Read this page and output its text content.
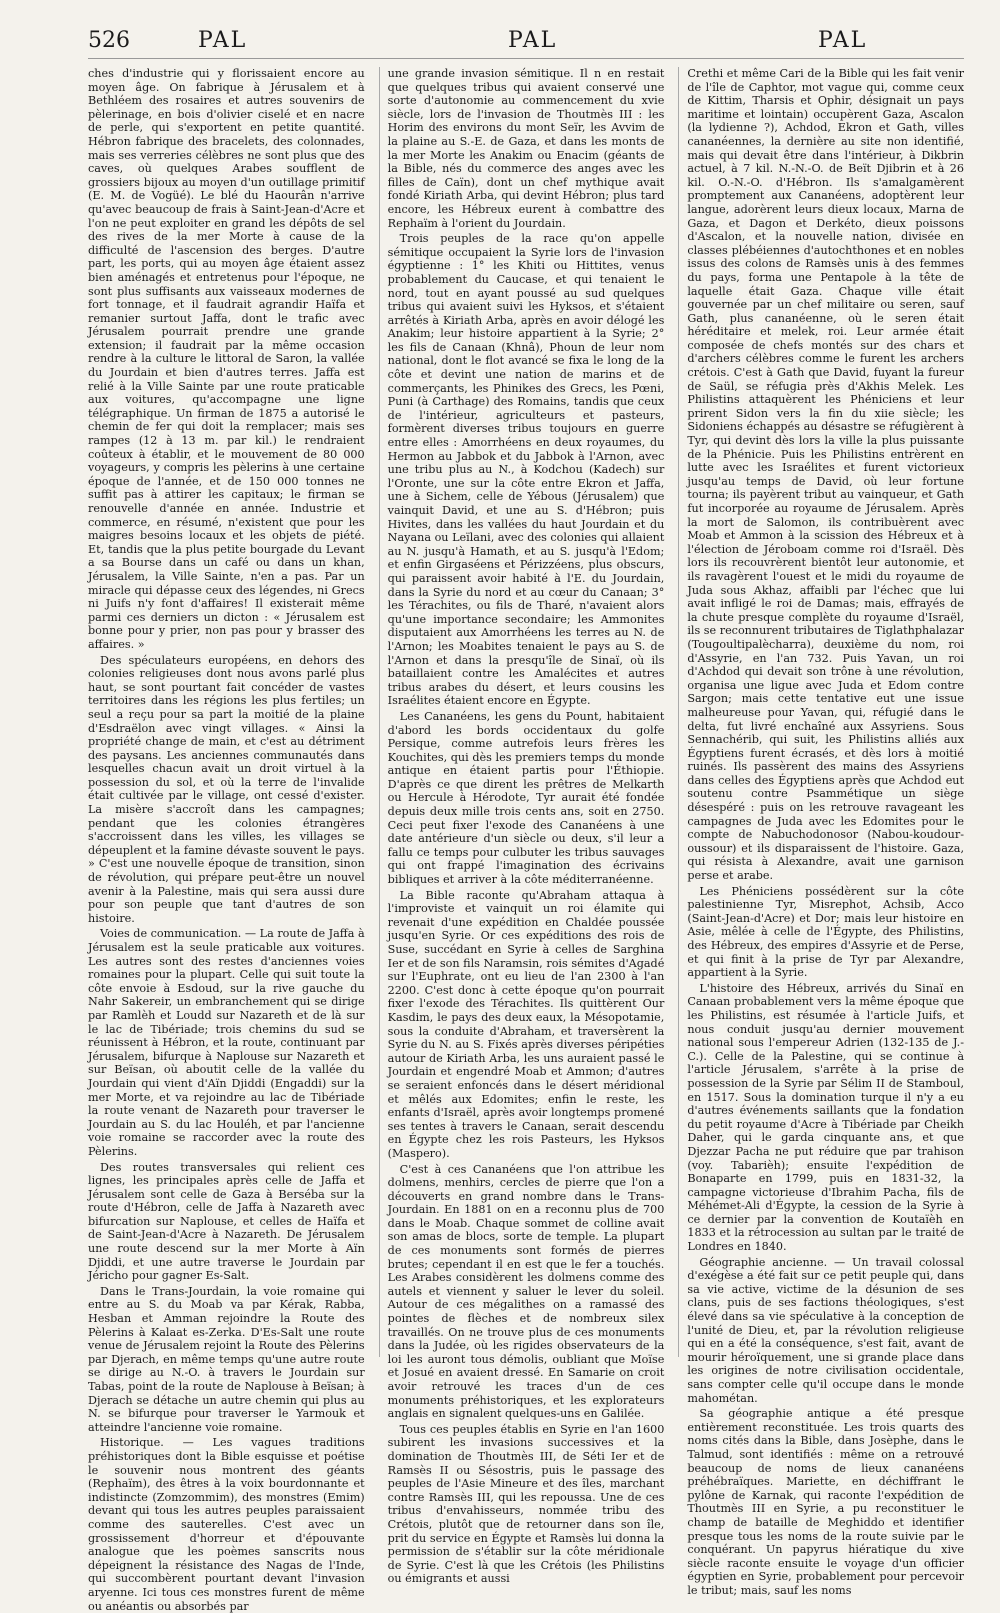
526	PAL	PAL	PAL

ches d'industrie qui y florissaient encore au moyen âge. On fabrique à Jérusalem et à Bethléem des rosaires et autres souvenirs de pèlerinage, en bois d'olivier ciselé et en nacre de perle, qui s'exportent en petite quantité. Hébron fabrique des bracelets, des colonnades, mais ses verreries célèbres ne sont plus que des caves, où quelques Arabes soufflent de grossiers bijoux au moyen d'un outillage primitif (E. M. de Vogüé). Le blé du Haourân n'arrive qu'avec beaucoup de frais à Saint-Jean-d'Acre et l'on ne peut exploiter en grand les dépôts de sel des rives de la mer Morte à cause de la difficulté de l'ascension des berges. D'autre part, les ports, qui au moyen âge étaient assez bien aménagés et entretenus pour l'époque, ne sont plus suffisants aux vaisseaux modernes de fort tonnage, et il faudrait agrandir Haïfa et remanier surtout Jaffa, dont le trafic avec Jérusalem pourrait prendre une grande extension; il faudrait par la même occasion rendre à la culture le littoral de Saron, la vallée du Jourdain et bien d'autres terres. Jaffa est relié à la Ville Sainte par une route praticable aux voitures, qu'accompagne une ligne télégraphique. Un firman de 1875 a autorisé le chemin de fer qui doit la remplacer; mais ses rampes (12 à 13 m. par kil.) le rendraient coûteux à établir, et le mouvement de 80 000 voyageurs, y compris les pèlerins à une certaine époque de l'année, et de 150 000 tonnes ne suffit pas à attirer les capitaux; le firman se renouvelle d'année en année. Industrie et commerce, en résumé, n'existent que pour les maigres besoins locaux et les objets de piété. Et, tandis que la plus petite bourgade du Levant a sa Bourse dans un café ou dans un khan, Jérusalem, la Ville Sainte, n'en a pas. Par un miracle qui dépasse ceux des légendes, ni Grecs ni Juifs n'y font d'affaires! Il existerait même parmi ces derniers un dicton : « Jérusalem est bonne pour y prier, non pas pour y brasser des affaires. »

Des spéculateurs européens, en dehors des colonies religieuses dont nous avons parlé plus haut, se sont pourtant fait concéder de vastes territoires dans les régions les plus fertiles; un seul a reçu pour sa part la moitié de la plaine d'Esdraëlon avec vingt villages. « Ainsi la propriété change de main, et c'est au détriment des paysans. Les anciennes communautés dans lesquelles chacun avait un droit virtuel à la possession du sol, et où la terre de l'invalide était cultivée par le village, ont cessé d'exister. La misère s'accroît dans les campagnes; pendant que les colonies étrangères s'accroissent dans les villes, les villages se dépeuplent et la famine dévaste souvent le pays. » C'est une nouvelle époque de transition, sinon de révolution, qui prépare peut-être un nouvel avenir à la Palestine, mais qui sera aussi dure pour son peuple que tant d'autres de son histoire.

Voies de communication. — La route de Jaffa à Jérusalem est la seule praticable aux voitures. Les autres sont des restes d'anciennes voies romaines pour la plupart. Celle qui suit toute la côte envoie à Esdoud, sur la rive gauche du Nahr Sakereir, un embranchement qui se dirige par Ramlèh et Loudd sur Nazareth et de là sur le lac de Tibériade; trois chemins du sud se réunissent à Hébron, et la route, continuant par Jérusalem, bifurque à Naplouse sur Nazareth et sur Beïsan, où aboutit celle de la vallée du Jourdain qui vient d'Aïn Djiddi (Engaddi) sur la mer Morte, et va rejoindre au lac de Tibériade la route venant de Nazareth pour traverser le Jourdain au S. du lac Houléh, et par l'ancienne voie romaine se raccorder avec la route des Pèlerins.

Des routes transversales qui relient ces lignes, les principales après celle de Jaffa et Jérusalem sont celle de Gaza à Berséba sur la route d'Hébron, celle de Jaffa à Nazareth avec bifurcation sur Naplouse, et celles de Haïfa et de Saint-Jean-d'Acre à Nazareth. De Jérusalem une route descend sur la mer Morte à Aïn Djiddi, et une autre traverse le Jourdain par Jéricho pour gagner Es-Salt.

Dans le Trans-Jourdain, la voie romaine qui entre au S. du Moab va par Kérak, Rabba, Hesban et Amman rejoindre la Route des Pèlerins à Kalaat es-Zerka. D'Es-Salt une route venue de Jérusalem rejoint la Route des Pèlerins par Djerach, en même temps qu'une autre route se dirige au N.-O. à travers le Jourdain sur Tabas, point de la route de Naplouse à Beïsan; à Djerach se détache un autre chemin qui plus au N. se bifurque pour traverser le Yarmouk et atteindre l'ancienne voie romaine.

Historique. — Les vagues traditions préhistoriques dont la Bible esquisse et poétise le souvenir nous montrent des géants (Rephaïm), des êtres à la voix bourdonnante et indistincte (Zomzommim), des monstres (Emim) devant qui tous les autres peuples paraissaient comme des sauterelles. C'est avec un grossissement d'horreur et d'épouvante analogue que les poèmes sanscrits nous dépeignent la résistance des Nagas de l'Inde, qui succombèrent pourtant devant l'invasion aryenne. Ici tous ces monstres furent de même ou anéantis ou absorbés par

une grande invasion sémitique. Il n en restait que quelques tribus qui avaient conservé une sorte d'autonomie au commencement du xvie siècle, lors de l'invasion de Thoutmès III : les Horim des environs du mont Seïr, les Avvim de la plaine au S.-E. de Gaza, et dans les monts de la mer Morte les Anakim ou Enacim (géants de la Bible, nés du commerce des anges avec les filles de Caïn), dont un chef mythique avait fondé Kiriath Arba, qui devint Hébron; plus tard encore, les Hébreux eurent à combattre des Rephaïm à l'orient du Jourdain.

Trois peuples de la race qu'on appelle sémitique occupaient la Syrie lors de l'invasion égyptienne : 1° les Khiti ou Hittites, venus probablement du Caucase, et qui tenaient le nord, tout en ayant poussé au sud quelques tribus qui avaient suivi les Hyksos, et s'étaient arrêtés à Kiriath Arba, après en avoir délogé les Anakim; leur histoire appartient à la Syrie; 2° les fils de Canaan (Khnâ), Phoun de leur nom national, dont le flot avancé se fixa le long de la côte et devint une nation de marins et de commerçants, les Phinikes des Grecs, les Pœni, Puni (à Carthage) des Romains, tandis que ceux de l'intérieur, agriculteurs et pasteurs, formèrent diverses tribus toujours en guerre entre elles : Amorrhéens en deux royaumes, du Hermon au Jabbok et du Jabbok à l'Arnon, avec une tribu plus au N., à Kodchou (Kadech) sur l'Oronte, une sur la côte entre Ekron et Jaffa, une à Sichem, celle de Yébous (Jérusalem) que vainquit David, et une au S. d'Hébron; puis Hivites, dans les vallées du haut Jourdain et du Nayana ou Leïlani, avec des colonies qui allaient au N. jusqu'à Hamath, et au S. jusqu'à l'Edom; et enfin Girgaséens et Périzzéens, plus obscurs, qui paraissent avoir habité à l'E. du Jourdain, dans la Syrie du nord et au cœur du Canaan; 3° les Térachites, ou fils de Tharé, n'avaient alors qu'une importance secondaire; les Ammonites disputaient aux Amorrhéens les terres au N. de l'Arnon; les Moabites tenaient le pays au S. de l'Arnon et dans la presqu'île de Sinaï, où ils bataillaient contre les Amalécites et autres tribus arabes du désert, et leurs cousins les Israélites étaient encore en Égypte.

Les Cananéens, les gens du Pount, habitaient d'abord les bords occidentaux du golfe Persique, comme autrefois leurs frères les Kouchites, qui dès les premiers temps du monde antique en étaient partis pour l'Éthiopie. D'après ce que dirent les prêtres de Melkarth ou Hercule à Hérodote, Tyr aurait été fondée depuis deux mille trois cents ans, soit en 2750. Ceci peut fixer l'exode des Cananéens à une date antérieure d'un siècle ou deux, s'il leur a fallu ce temps pour culbuter les tribus sauvages qui ont frappé l'imagination des écrivains bibliques et arriver à la côte méditerranéenne.

La Bible raconte qu'Abraham attaqua à l'improviste et vainquit un roi élamite qui revenait d'une expédition en Chaldée poussée jusqu'en Syrie. Or ces expéditions des rois de Suse, succédant en Syrie à celles de Sarghina Ier et de son fils Naramsin, rois sémites d'Agadé sur l'Euphrate, ont eu lieu de l'an 2300 à l'an 2200. C'est donc à cette époque qu'on pourrait fixer l'exode des Térachites. Ils quittèrent Our Kasdim, le pays des deux eaux, la Mésopotamie, sous la conduite d'Abraham, et traversèrent la Syrie du N. au S. Fixés après diverses péripéties autour de Kiriath Arba, les uns auraient passé le Jourdain et engendré Moab et Ammon; d'autres se seraient enfoncés dans le désert méridional et mêlés aux Edomites; enfin le reste, les enfants d'Israël, après avoir longtemps promené ses tentes à travers le Canaan, serait descendu en Égypte chez les rois Pasteurs, les Hyksos (Maspero).

C'est à ces Cananéens que l'on attribue les dolmens, menhirs, cercles de pierre que l'on a découverts en grand nombre dans le Trans-Jourdain. En 1881 on en a reconnu plus de 700 dans le Moab. Chaque sommet de colline avait son amas de blocs, sorte de temple. La plupart de ces monuments sont formés de pierres brutes; cependant il en est que le fer a touchés. Les Arabes considèrent les dolmens comme des autels et viennent y saluer le lever du soleil. Autour de ces mégalithes on a ramassé des pointes de flèches et de nombreux silex travaillés. On ne trouve plus de ces monuments dans la Judée, où les rigides observateurs de la loi les auront tous démolis, oubliant que Moïse et Josué en avaient dressé. En Samarie on croit avoir retrouvé les traces d'un de ces monuments préhistoriques, et les explorateurs anglais en signalent quelques-uns en Galilée.

Tous ces peuples établis en Syrie en l'an 1600 subirent les invasions successives et la domination de Thoutmès III, de Séti Ier et de Ramsès II ou Sésostris, puis le passage des peuples de l'Asie Mineure et des îles, marchant contre Ramsès III, qui les repoussa. Une de ces tribus d'envahisseurs, nommée tribu des Crétois, plutôt que de retourner dans son île, prit du service en Égypte et Ramsès lui donna la permission de s'établir sur la côte méridionale de Syrie. C'est là que les Crétois (les Philistins ou émigrants et aussi

Crethi et même Cari de la Bible qui les fait venir de l'île de Caphtor, mot vague qui, comme ceux de Kittim, Tharsis et Ophir, désignait un pays maritime et lointain) occupèrent Gaza, Ascalon (la lydienne ?), Achdod, Ekron et Gath, villes cananéennes, la dernière au site non identifié, mais qui devait être dans l'intérieur, à Dikbrin actuel, à 7 kil. N.-N.-O. de Beït Djibrin et à 26 kil. O.-N.-O. d'Hébron. Ils s'amalgamèrent promptement aux Cananéens, adoptèrent leur langue, adorèrent leurs dieux locaux, Marna de Gaza, et Dagon et Derkéto, dieux poissons d'Ascalon, et la nouvelle nation, divisée en classes plébéiennes d'autochthones et en nobles issus des colons de Ramsès unis à des femmes du pays, forma une Pentapole à la tête de laquelle était Gaza. Chaque ville était gouvernée par un chef militaire ou seren, sauf Gath, plus cananéenne, où le seren était héréditaire et melek, roi. Leur armée était composée de chefs montés sur des chars et d'archers célèbres comme le furent les archers crétois. C'est à Gath que David, fuyant la fureur de Saül, se réfugia près d'Akhis Melek. Les Philistins attaquèrent les Phéniciens et leur prirent Sidon vers la fin du xiie siècle; les Sidoniens échappés au désastre se réfugièrent à Tyr, qui devint dès lors la ville la plus puissante de la Phénicie. Puis les Philistins entrèrent en lutte avec les Israélites et furent victorieux jusqu'au temps de David, où leur fortune tourna; ils payèrent tribut au vainqueur, et Gath fut incorporée au royaume de Jérusalem. Après la mort de Salomon, ils contribuèrent avec Moab et Ammon à la scission des Hébreux et à l'élection de Jéroboam comme roi d'Israël. Dès lors ils recouvrèrent bientôt leur autonomie, et ils ravagèrent l'ouest et le midi du royaume de Juda sous Akhaz, affaibli par l'échec que lui avait infligé le roi de Damas; mais, effrayés de la chute presque complète du royaume d'Israël, ils se reconnurent tributaires de Tiglathphalazar (Tougoultipalècharra), deuxième du nom, roi d'Assyrie, en l'an 732. Puis Yavan, un roi d'Achdod qui devait son trône à une révolution, organisa une ligue avec Juda et Edom contre Sargon; mais cette tentative eut une issue malheureuse pour Yavan, qui, réfugié dans le delta, fut livré enchaîné aux Assyriens. Sous Sennachérib, qui suit, les Philistins alliés aux Égyptiens furent écrasés, et dès lors à moitié ruinés. Ils passèrent des mains des Assyriens dans celles des Égyptiens après que Achdod eut soutenu contre Psammétique un siège désespéré : puis on les retrouve ravageant les campagnes de Juda avec les Edomites pour le compte de Nabuchodonosor (Nabou-koudour-oussour) et ils disparaissent de l'histoire. Gaza, qui résista à Alexandre, avait une garnison perse et arabe.

Les Phéniciens possédèrent sur la côte palestinienne Tyr, Misrephot, Achsib, Acco (Saint-Jean-d'Acre) et Dor; mais leur histoire en Asie, mêlée à celle de l'Égypte, des Philistins, des Hébreux, des empires d'Assyrie et de Perse, et qui finit à la prise de Tyr par Alexandre, appartient à la Syrie.

L'histoire des Hébreux, arrivés du Sinaï en Canaan probablement vers la même époque que les Philistins, est résumée à l'article Juifs, et nous conduit jusqu'au dernier mouvement national sous l'empereur Adrien (132-135 de J.-C.). Celle de la Palestine, qui se continue à l'article Jérusalem, s'arrête à la prise de possession de la Syrie par Sélim II de Stamboul, en 1517. Sous la domination turque il n'y a eu d'autres événements saillants que la fondation du petit royaume d'Acre à Tibériade par Cheikh Daher, qui le garda cinquante ans, et que Djezzar Pacha ne put réduire que par trahison (voy. Tabarièh); ensuite l'expédition de Bonaparte en 1799, puis en 1831-32, la campagne victorieuse d'Ibrahim Pacha, fils de Méhémet-Ali d'Égypte, la cession de la Syrie à ce dernier par la convention de Koutaïèh en 1833 et la rétrocession au sultan par le traité de Londres en 1840.

Géographie ancienne. — Un travail colossal d'exégèse a été fait sur ce petit peuple qui, dans sa vie active, victime de la désunion de ses clans, puis de ses factions théologiques, s'est élevé dans sa vie spéculative à la conception de l'unité de Dieu, et, par la révolution religieuse qui en a été la conséquence, s'est fait, avant de mourir héroïquement, une si grande place dans les origines de notre civilisation occidentale, sans compter celle qu'il occupe dans le monde mahométan.

Sa géographie antique a été presque entièrement reconstituée. Les trois quarts des noms cités dans la Bible, dans Josèphe, dans le Talmud, sont identifiés : même on a retrouvé beaucoup de noms de lieux cananéens préhébraïques. Mariette, en déchiffrant le pylône de Karnak, qui raconte l'expédition de Thoutmès III en Syrie, a pu reconstituer le champ de bataille de Meghiddo et identifier presque tous les noms de la route suivie par le conquérant. Un papyrus hiératique du xive siècle raconte ensuite le voyage d'un officier égyptien en Syrie, probablement pour percevoir le tribut; mais, sauf les noms
